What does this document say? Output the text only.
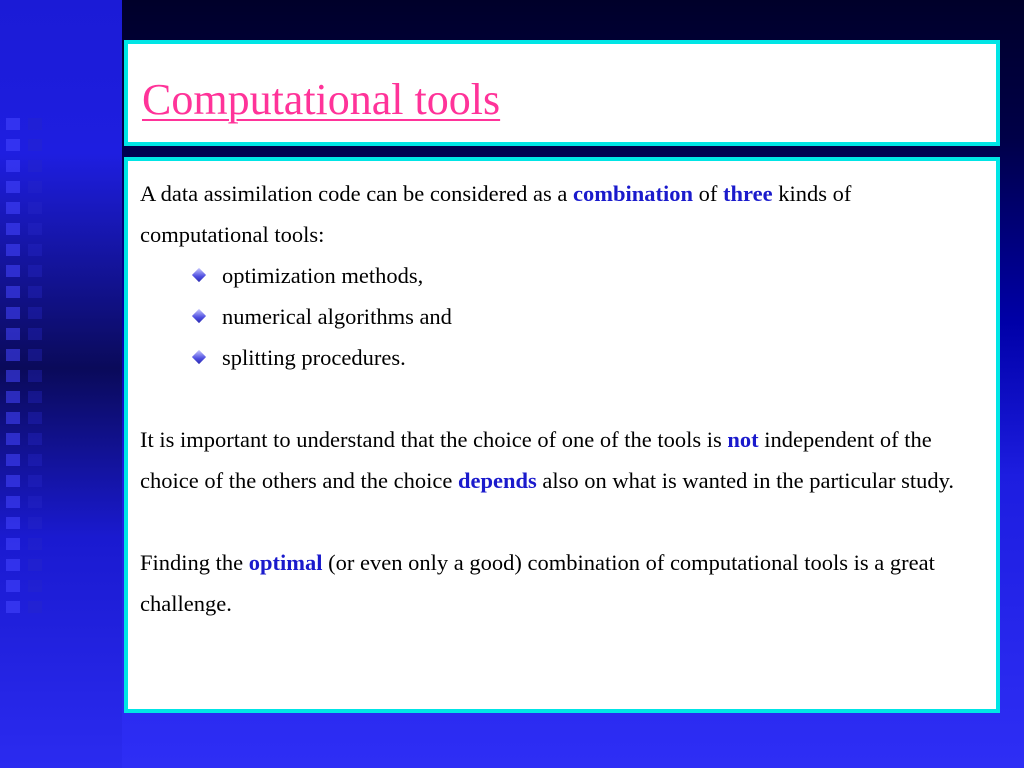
Computational tools

A data assimilation code can be considered as a combination of three kinds of computational tools:

optimization methods,
numerical algorithms and
splitting procedures.

It is important to understand that the choice of one of the tools is not independent of the choice of the others and the choice depends also on what is wanted in the particular study.

Finding the optimal (or even only a good) combination of computational tools is a great challenge.
